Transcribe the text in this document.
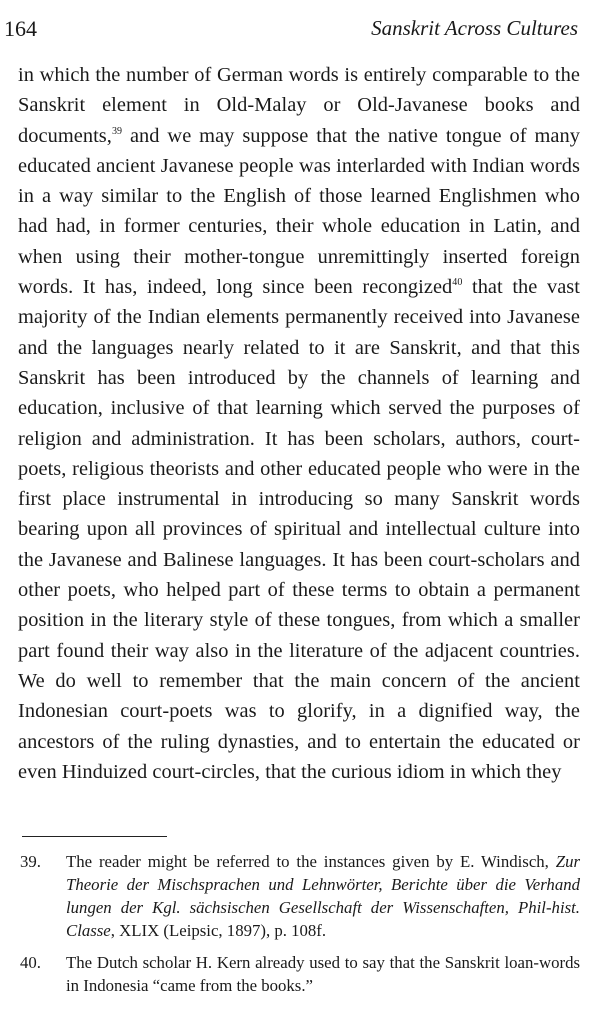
164	Sanskrit Across Cultures

in which the number of German words is entirely comparable to the Sanskrit element in Old-Malay or Old-Javanese books and documents,$^{39}$ and we may suppose that the native tongue of many educated ancient Javanese people was interlarded with Indian words in a way similar to the English of those learned Englishmen who had had, in former centuries, their whole education in Latin, and when using their mother-tongue unremittingly inserted foreign words. It has, indeed, long since been recongized$^{40}$ that the vast majority of the Indian elements permanently received into Javanese and the languages nearly related to it are Sanskrit, and that this Sanskrit has been introduced by the channels of learning and education, inclusive of that learning which served the purposes of religion and administration. It has been scholars, authors, court-poets, religious theorists and other educated people who were in the first place instrumental in introducing so many Sanskrit words bearing upon all provinces of spiritual and intellectual culture into the Javanese and Balinese languages. It has been court-scholars and other poets, who helped part of these terms to obtain a permanent position in the literary style of these tongues, from which a smaller part found their way also in the literature of the adjacent countries. We do well to remember that the main concern of the ancient Indonesian court-poets was to glorify, in a dignified way, the ancestors of the ruling dynasties, and to entertain the educated or even Hinduized court-circles, that the curious idiom in which they

39. The reader might be referred to the instances given by E. Windisch, Zur Theorie der Mischsprachen und Lehnwörter, Berichte über die Verhand lungen der Kgl. sächsischen Gesellschaft der Wissenschaften, Phil-hist. Classe, XLIX (Leipsic, 1897), p. 108f.
40. The Dutch scholar H. Kern already used to say that the Sanskrit loan-words in Indonesia “came from the books.”
